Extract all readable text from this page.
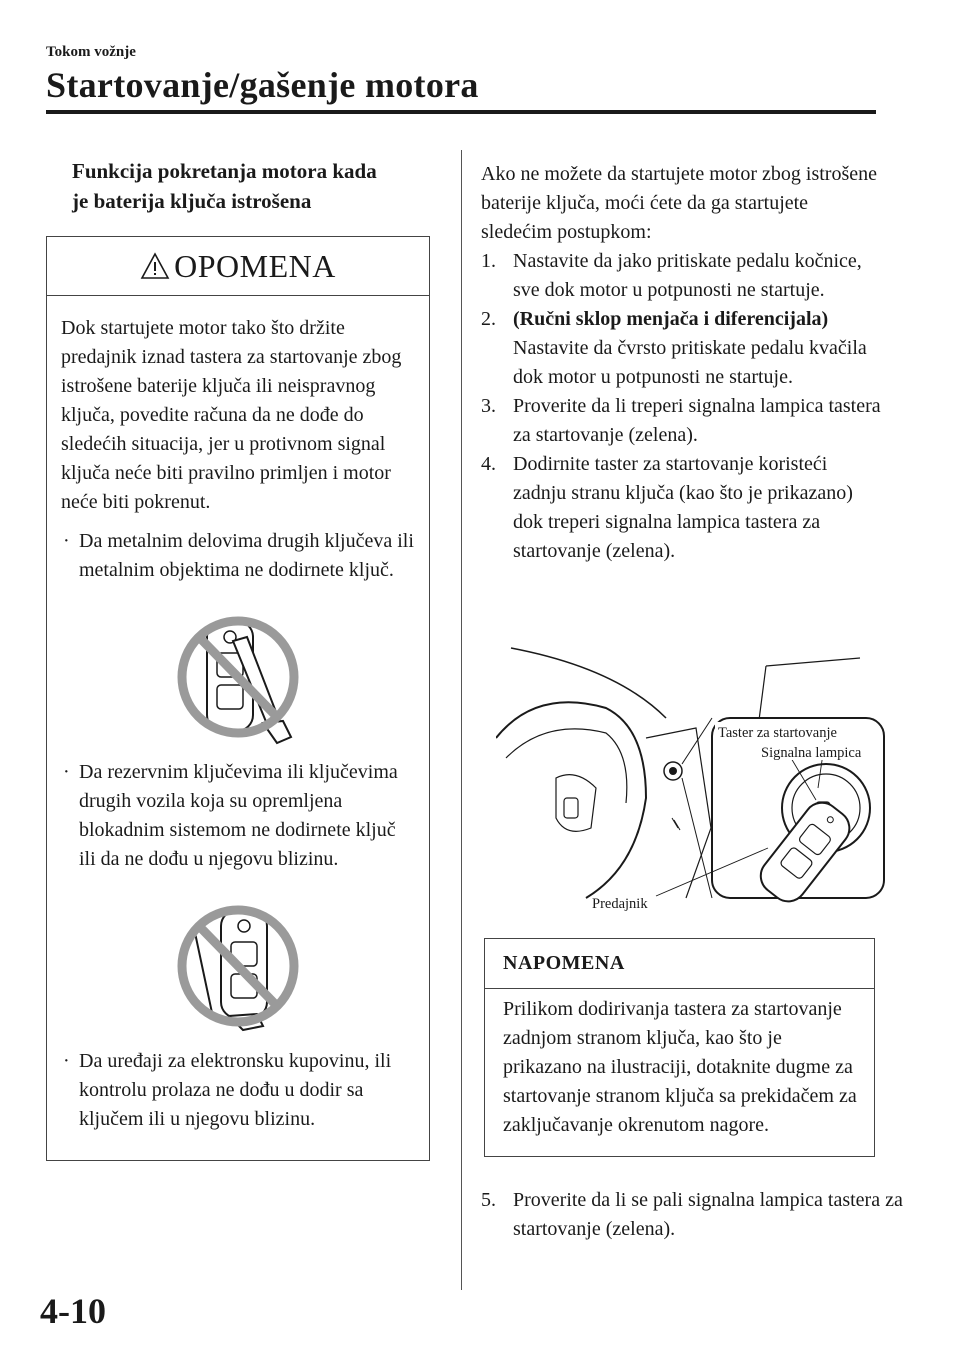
Tokom vožnje
Startovanje/gašenje motora
Funkcija pokretanja motora kada
je baterija ključa istrošena
OPOMENA

Dok startujete motor tako što držite predajnik iznad tastera za startovanje zbog istrošene baterije ključa ili neispravnog ključa, povedite računa da ne dođe do sledećih situacija, jer u protivnom signal ključa neće biti pravilno primljen i motor neće biti pokrenut.

· Da metalnim delovima drugih ključeva ili metalnim objektima ne dodirnete ključ.
· Da rezervnim ključevima ili ključevima drugih vozila koja su opremljena blokadnim sistemom ne dodirnete ključ ili da ne dođu u njegovu blizinu.
· Da uređaji za elektronsku kupovinu, ili kontrolu prolaza ne dođu u dodir sa ključem ili u njegovu blizinu.

Ako ne možete da startujete motor zbog istrošene baterije ključa, moći ćete da ga startujete sledećim postupkom:

1. Nastavite da jako pritiskate pedalu kočnice, sve dok motor u potpunosti ne startuje.
2. (Ručni sklop menjača i diferencijala)
Nastavite da čvrsto pritiskate pedalu kvačila dok motor u potpunosti ne startuje.
3. Proverite da li treperi signalna lampica tastera za startovanje (zelena).
4. Dodirnite taster za startovanje koristeći zadnju stranu ključa (kao što je prikazano) dok treperi signalna lampica tastera za startovanje (zelena).
Taster za startovanje
Signalna lampica
Predajnik
NAPOMENA
Prilikom dodirivanja tastera za startovanje zadnjom stranom ključa, kao što je prikazano na ilustraciji, dotaknite dugme za startovanje stranom ključa sa prekidačem za zaključavanje okrenutom nagore.
5. Proverite da li se pali signalna lampica tastera za startovanje (zelena).
4-10
